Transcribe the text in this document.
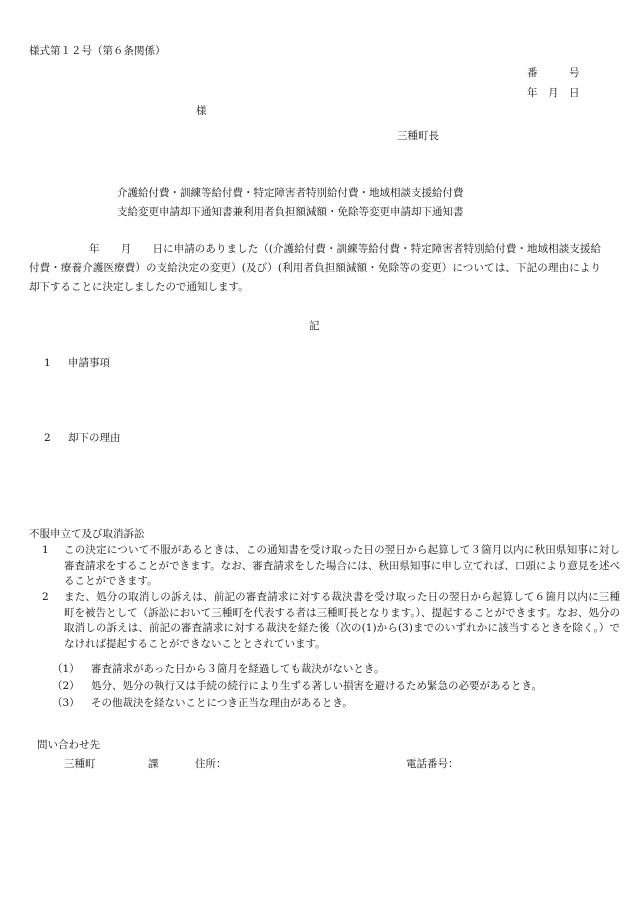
様式第１２号（第６条関係）
番　　　号
年　月　日
様
三種町長
介護給付費・訓練等給付費・特定障害者特別給付費・地域相談支援給付費
支給変更申請却下通知書兼利用者負担額減額・免除等変更申請却下通知書
年　　月　　日に申請のありました（(介護給付費・訓練等給付費・特定障害者特別給付費・地域相談支援給付費・療養介護医療費）の支給決定の変更）(及び）(利用者負担額減額・免除等の変更）については、下記の理由により却下することに決定しましたので通知します。
記
1 申請事項
2 却下の理由
不服申立て及び取消訴訟
1 この決定について不服があるときは、この通知書を受け取った日の翌日から起算して３箇月以内に秋田県知事に対し審査請求をすることができます。なお、審査請求をした場合には、秋田県知事に申し立てれば、口頭により意見を述べることができます。
2 また、処分の取消しの訴えは、前記の審査請求に対する裁決書を受け取った日の翌日から起算して６箇月以内に三種町を被告として（訴訟において三種町を代表する者は三種町長となります。）、提起することができます。なお、処分の取消しの訴えは、前記の審査請求に対する裁決を経た後（次の(1)から(3)までのいずれかに該当するときを除く。）でなければ提起することができないこととされています。
（1） 審査請求があった日から３箇月を経過しても裁決がないとき。
（2） 処分、処分の執行又は手続の続行により生ずる著しい損害を避けるため緊急の必要があるとき。
（3） その他裁決を経ないことにつき正当な理由があるとき。
問い合わせ先
三種町	課	住所：	電話番号：
